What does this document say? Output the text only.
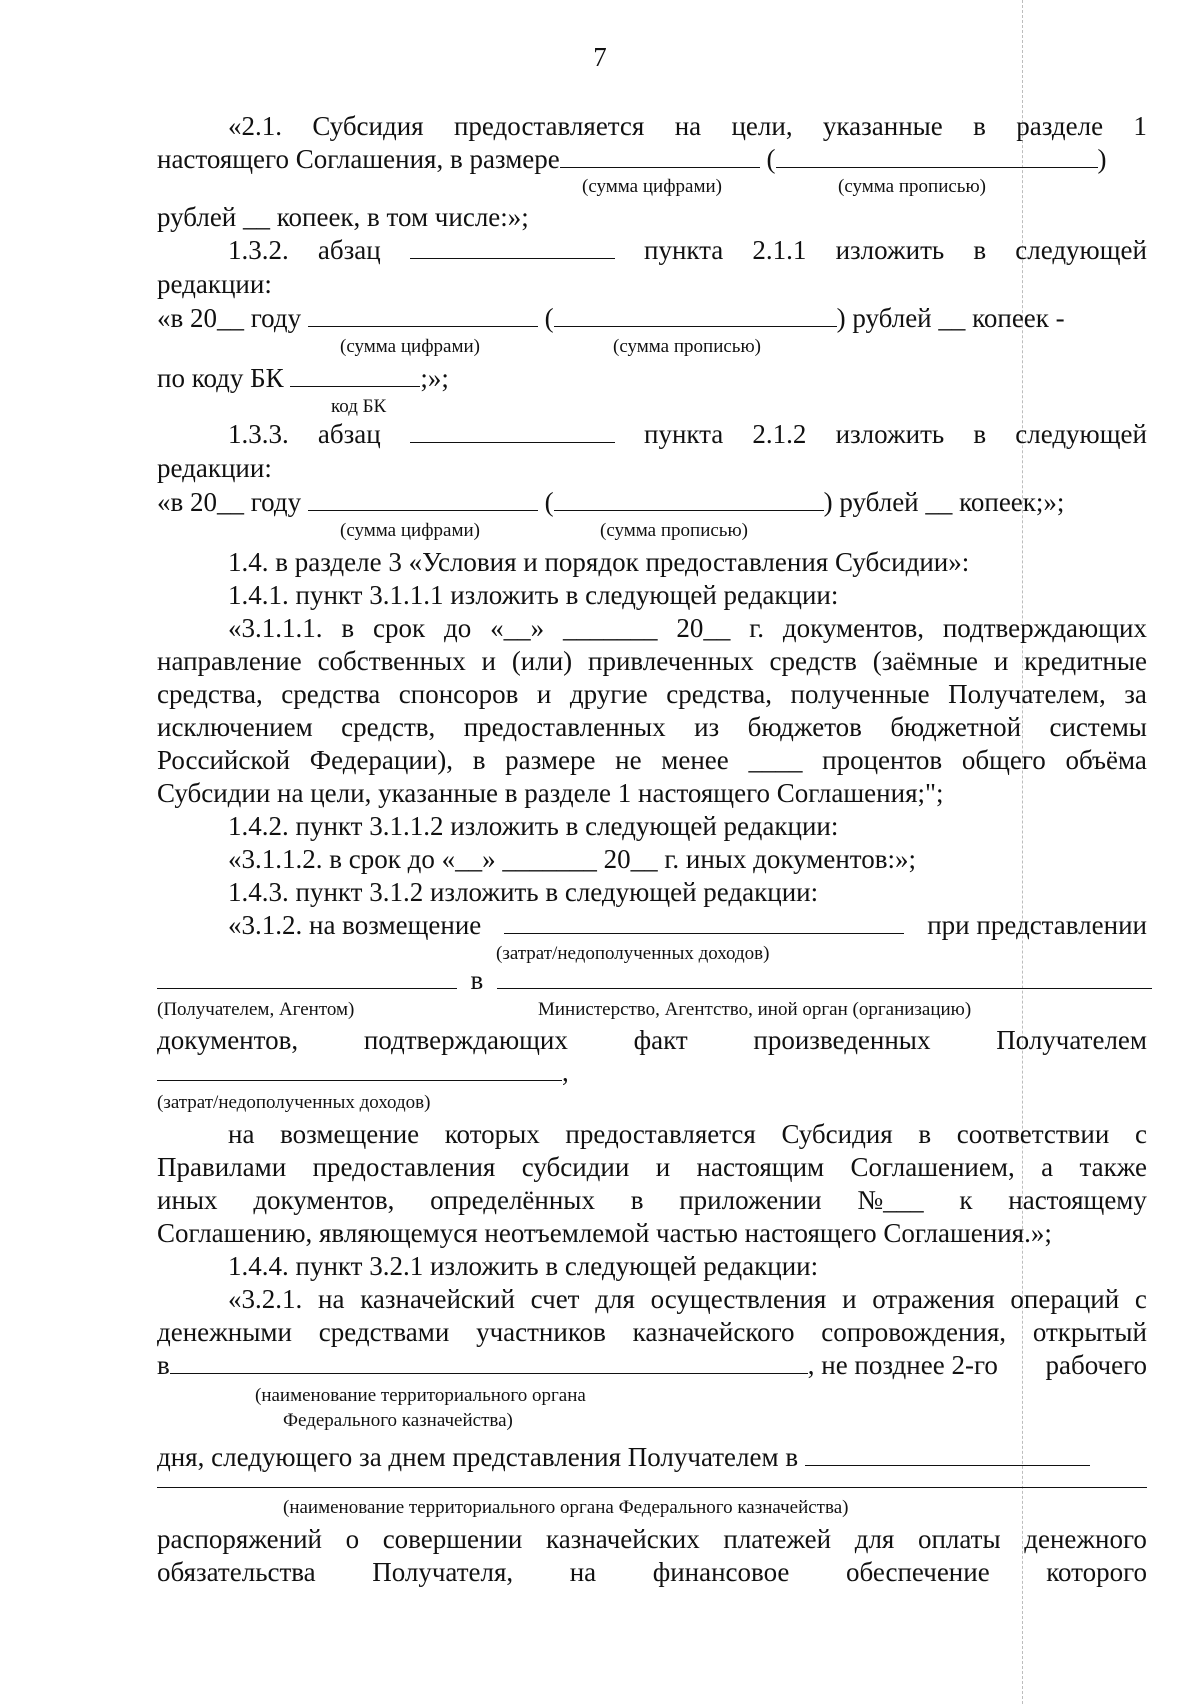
7
«2.1. Субсидия предоставляется на цели, указанные в разделе 1
настоящего Соглашения, в размере	(	)
(сумма цифрами)	(сумма прописью)
рублей __ копеек, в том числе:»;
1.3.2. абзац	пункта 2.1.1 изложить в следующей
редакции:
«в 20__ году	(	) рублей __ копеек -
(сумма цифрами)	(сумма прописью)
по коду БК	;»;
код БК
1.3.3. абзац	пункта 2.1.2 изложить в следующей
редакции:
«в 20__ году	(	) рублей __ копеек;»;
(сумма цифрами)	(сумма прописью)
1.4. в разделе 3 «Условия и порядок предоставления Субсидии»:
1.4.1. пункт 3.1.1.1 изложить в следующей редакции:
«3.1.1.1. в срок до «__» _______ 20__ г. документов, подтверждающих
направление собственных и (или) привлеченных средств (заёмные и кредитные
средства, средства спонсоров и другие средства, полученные Получателем, за
исключением средств, предоставленных из бюджетов бюджетной системы
Российской Федерации), в размере не менее ____ процентов общего объёма
Субсидии на цели, указанные в разделе 1 настоящего Соглашения;";
1.4.2. пункт 3.1.1.2 изложить в следующей редакции:
«3.1.1.2. в срок до «__» _______ 20__ г. иных документов:»;
1.4.3. пункт 3.1.2 изложить в следующей редакции:
«3.1.2. на возмещение	при представлении
(затрат/недополученных доходов)
в
(Получателем, Агентом)	Министерство, Агентство, иной орган (организацию)
документов, подтверждающих факт произведенных Получателем
,
(затрат/недополученных доходов)
на возмещение которых предоставляется Субсидия в соответствии с
Правилами предоставления субсидии и настоящим Соглашением, а также
иных документов, определённых в приложении №___ к настоящему
Соглашению, являющемуся неотъемлемой частью настоящего Соглашения.»;
1.4.4. пункт 3.2.1 изложить в следующей редакции:
«3.2.1. на казначейский счет для осуществления и отражения операций с
денежными средствами участников казначейского сопровождения, открытый
в	, не позднее 2-го рабочего
(наименование территориального органа
Федерального казначейства)
дня, следующего за днем представления Получателем в
(наименование территориального органа Федерального казначейства)
распоряжений о совершении казначейских платежей для оплаты денежного
обязательства Получателя, на финансовое обеспечение которого
